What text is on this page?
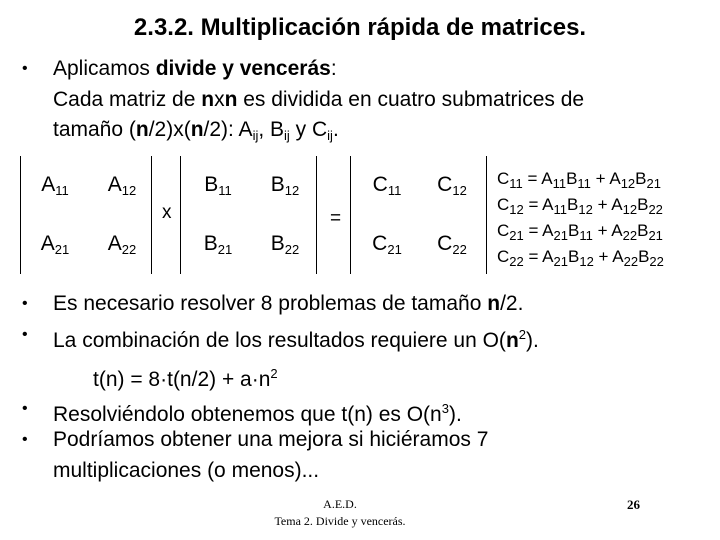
2.3.2. Multiplicación rápida de matrices.
• Aplicamos divide y vencerás:
Cada matriz de nxn es dividida en cuatro submatrices de
tamaño (n/2)x(n/2): $A_{ij}$, $B_{ij}$ y $C_{ij}$.
$A_{11}$	$A_{12}$
$A_{21}$	$A_{22}$
x
$B_{11}$	$B_{12}$
$B_{21}$	$B_{22}$
=
$C_{11}$	$C_{12}$
$C_{21}$	$C_{22}$
$C_{11} = A_{11}B_{11} + A_{12}B_{21}$
$C_{12} = A_{11}B_{12} + A_{12}B_{22}$
$C_{21} = A_{21}B_{11} + A_{22}B_{21}$
$C_{22} = A_{21}B_{12} + A_{22}B_{22}$
• Es necesario resolver 8 problemas de tamaño n/2.
• La combinación de los resultados requiere un $O(n^2)$.
$t(n) = 8\cdot t(n/2) + a\cdot n^2$
• Resolviéndolo obtenemos que t(n) es $O(n^3)$.
• Podríamos obtener una mejora si hiciéramos 7
multiplicaciones (o menos)...
A.E.D.
Tema 2. Divide y vencerás.
26
